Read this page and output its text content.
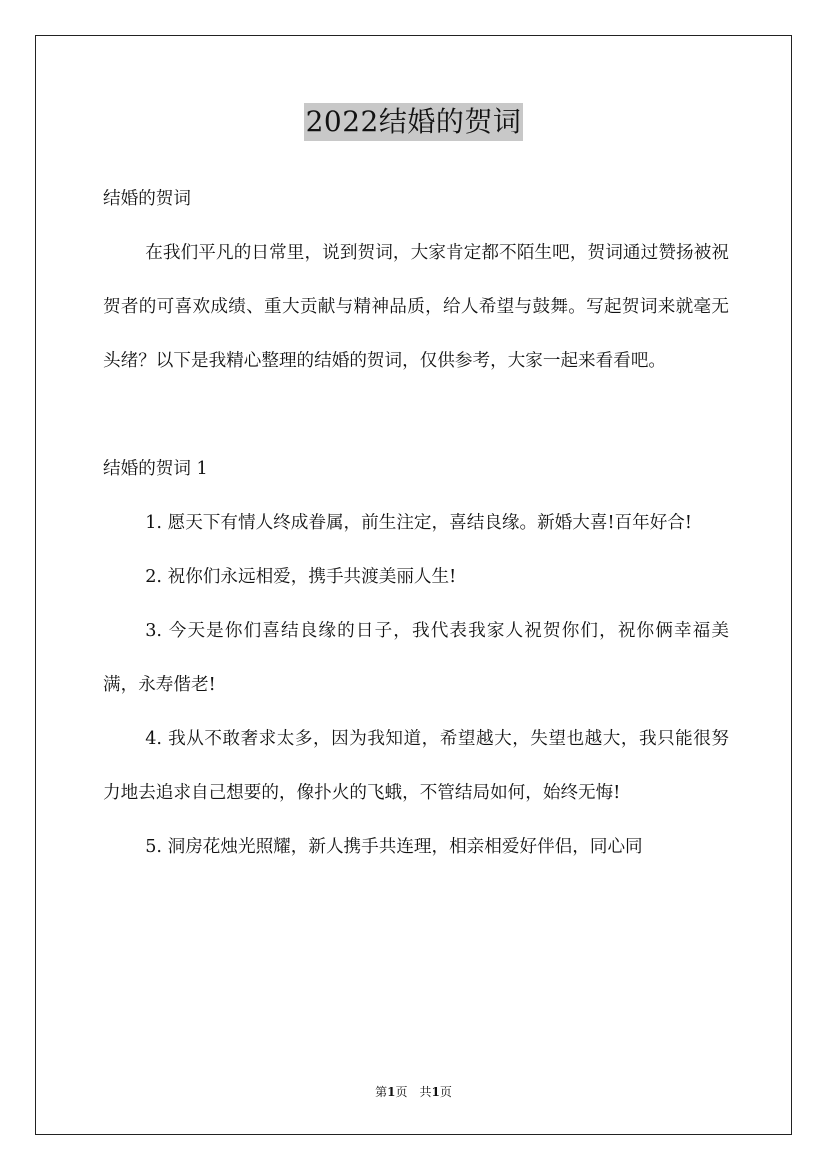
2022结婚的贺词

结婚的贺词

在我们平凡的日常里，说到贺词，大家肯定都不陌生吧，贺词通过赞扬被祝贺者的可喜欢成绩、重大贡献与精神品质，给人希望与鼓舞。写起贺词来就毫无头绪？以下是我精心整理的结婚的贺词，仅供参考，大家一起来看看吧。

结婚的贺词 1

1. 愿天下有情人终成眷属，前生注定，喜结良缘。新婚大喜!百年好合!

2. 祝你们永远相爱，携手共渡美丽人生!

3. 今天是你们喜结良缘的日子，我代表我家人祝贺你们，祝你俩幸福美满，永寿偕老!

4. 我从不敢奢求太多，因为我知道，希望越大，失望也越大，我只能很努力地去追求自己想要的，像扑火的飞蛾，不管结局如何，始终无悔!

5. 洞房花烛光照耀，新人携手共连理，相亲相爱好伴侣，同心同

第1页　共1页
